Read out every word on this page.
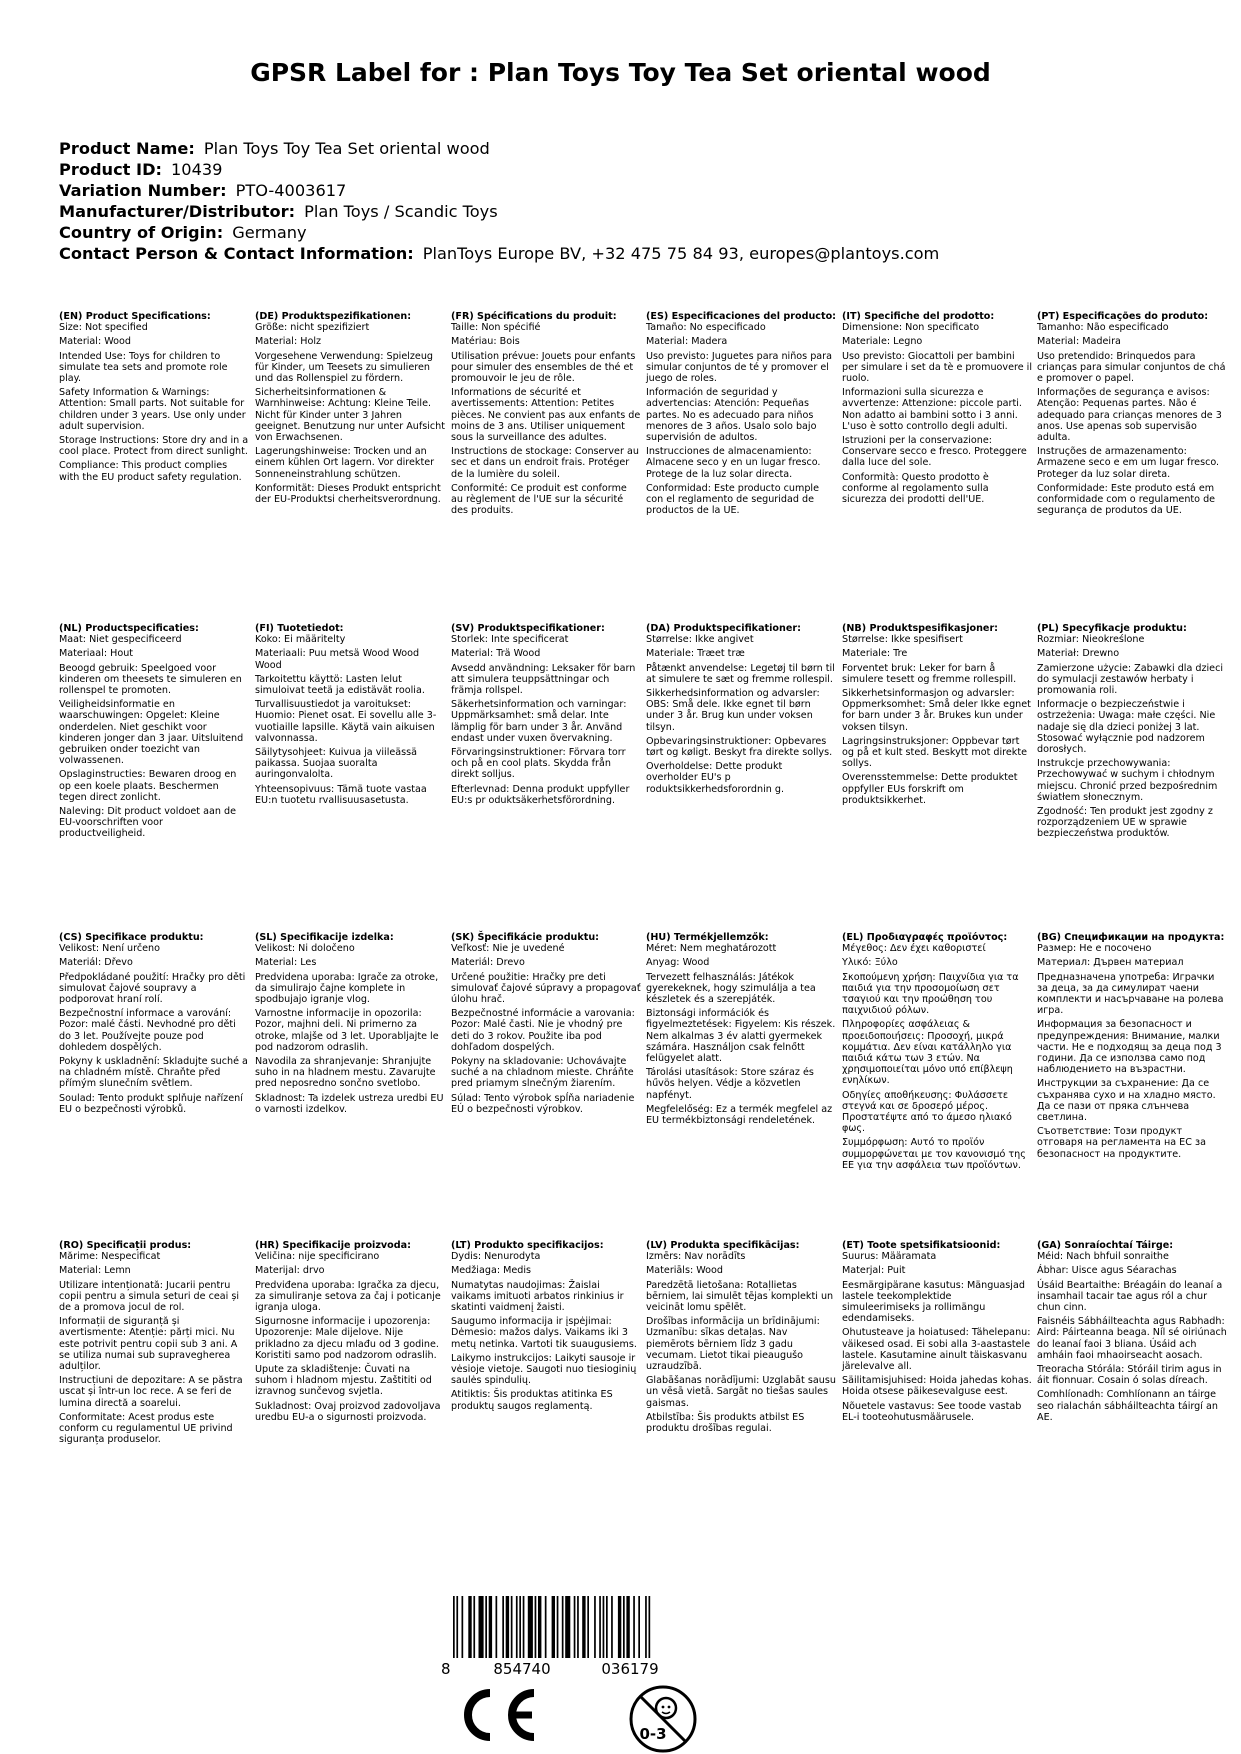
GPSR Label for : Plan Toys Toy Tea Set oriental wood
Product Name: Plan Toys Toy Tea Set oriental wood
Product ID: 10439
Variation Number: PTO-4003617
Manufacturer/Distributor: Plan Toys / Scandic Toys
Country of Origin: Germany
Contact Person & Contact Information: PlanToys Europe BV, +32 475 75 84 93, europes@plantoys.com
(EN) Product Specifications:

Size: Not specified

Material: Wood

Intended Use: Toys for children to simulate tea sets and promote role play.

Safety Information & Warnings: Attention: Small parts. Not suitable for children under 3 years. Use only under adult supervision.

Storage Instructions: Store dry and in a cool place. Protect from direct sunlight.

Compliance: This product complies with the EU product safety regulation.

(DE) Produktspezifikationen:

Größe: nicht spezifiziert

Material: Holz

Vorgesehene Verwendung: Spielzeug für Kinder, um Teesets zu simulieren und das Rollenspiel zu fördern.

Sicherheitsinformationen & Warnhinweise: Achtung: Kleine Teile. Nicht für Kinder unter 3 Jahren geeignet. Benutzung nur unter Aufsicht von Erwachsenen.

Lagerungshinweise: Trocken und an einem kühlen Ort lagern. Vor direkter Sonneneinstrahlung schützen.

Konformität: Dieses Produkt entspricht der EU-Produktsi cherheitsverordnung.

(FR) Spécifications du produit:

Taille: Non spécifié

Matériau: Bois

Utilisation prévue: Jouets pour enfants pour simuler des ensembles de thé et promouvoir le jeu de rôle.

Informations de sécurité et avertissements: Attention: Petites pièces. Ne convient pas aux enfants de moins de 3 ans. Utiliser uniquement sous la surveillance des adultes.

Instructions de stockage: Conserver au sec et dans un endroit frais. Protéger de la lumière du soleil.

Conformité: Ce produit est conforme au règlement de l'UE sur la sécurité des produits.

(ES) Especificaciones del producto:

Tamaño: No especificado

Material: Madera

Uso previsto: Juguetes para niños para simular conjuntos de té y promover el juego de roles.

Información de seguridad y advertencias: Atención: Pequeñas partes. No es adecuado para niños menores de 3 años. Usalo solo bajo supervisión de adultos.

Instrucciones de almacenamiento: Almacene seco y en un lugar fresco. Protege de la luz solar directa.

Conformidad: Este producto cumple con el reglamento de seguridad de productos de la UE.

(IT) Specifiche del prodotto:

Dimensione: Non specificato

Materiale: Legno

Uso previsto: Giocattoli per bambini per simulare i set da tè e promuovere il ruolo.

Informazioni sulla sicurezza e avvertenze: Attenzione: piccole parti. Non adatto ai bambini sotto i 3 anni. L'uso è sotto controllo degli adulti.

Istruzioni per la conservazione: Conservare secco e fresco. Proteggere dalla luce del sole.

Conformità: Questo prodotto è conforme al regolamento sulla sicurezza dei prodotti dell'UE.

(PT) Especificações do produto:

Tamanho: Não especificado

Material: Madeira

Uso pretendido: Brinquedos para crianças para simular conjuntos de chá e promover o papel.

Informações de segurança e avisos: Atenção: Pequenas partes. Não é adequado para crianças menores de 3 anos. Use apenas sob supervisão adulta.

Instruções de armazenamento: Armazene seco e em um lugar fresco. Proteger da luz solar direta.

Conformidade: Este produto está em conformidade com o regulamento de segurança de produtos da UE.

(NL) Productspecificaties:

Maat: Niet gespecificeerd

Materiaal: Hout

Beoogd gebruik: Speelgoed voor kinderen om theesets te simuleren en rollenspel te promoten.

Veiligheidsinformatie en waarschuwingen: Opgelet: Kleine onderdelen. Niet geschikt voor kinderen jonger dan 3 jaar. Uitsluitend gebruiken onder toezicht van volwassenen.

Opslaginstructies: Bewaren droog en op een koele plaats. Beschermen tegen direct zonlicht.

Naleving: Dit product voldoet aan de EU-voorschriften voor productveiligheid.

(FI) Tuotetiedot:

Koko: Ei määritelty

Materiaali: Puu metsä Wood Wood Wood

Tarkoitettu käyttö: Lasten lelut simuloivat teetä ja edistävät roolia.

Turvallisuustiedot ja varoitukset: Huomio: Pienet osat. Ei sovellu alle 3-vuotiaille lapsille. Käytä vain aikuisen valvonnassa.

Säilytysohjeet: Kuivua ja viileässä paikassa. Suojaa suoralta auringonvalolta.

Yhteensopivuus: Tämä tuote vastaa EU:n tuotetu rvallisuusasetusta.

(SV) Produktspecifikationer:

Storlek: Inte specificerat

Material: Trä Wood

Avsedd användning: Leksaker för barn att simulera teuppsättningar och främja rollspel.

Säkerhetsinformation och varningar: Uppmärksamhet: små delar. Inte lämplig för barn under 3 år. Använd endast under vuxen övervakning.

Förvaringsinstruktioner: Förvara torr och på en cool plats. Skydda från direkt solljus.

Efterlevnad: Denna produkt uppfyller EU:s pr oduktsäkerhetsförordning.

(DA) Produktspecifikationer:

Størrelse: Ikke angivet

Materiale: Træet træ

Påtænkt anvendelse: Legetøj til børn til at simulere te sæt og fremme rollespil.

Sikkerhedsinformation og advarsler: OBS: Små dele. Ikke egnet til børn under 3 år. Brug kun under voksen tilsyn.

Opbevaringsinstruktioner: Opbevares tørt og køligt. Beskyt fra direkte sollys.

Overholdelse: Dette produkt overholder EU's p roduktsikkerhedsforordnin g.

(NB) Produktspesifikasjoner:

Størrelse: Ikke spesifisert

Materiale: Tre

Forventet bruk: Leker for barn å simulere tesett og fremme rollespill.

Sikkerhetsinformasjon og advarsler: Oppmerksomhet: Små deler Ikke egnet for barn under 3 år. Brukes kun under voksen tilsyn.

Lagringsinstruksjoner: Oppbevar tørt og på et kult sted. Beskytt mot direkte sollys.

Overensstemmelse: Dette produktet oppfyller EUs forskrift om produktsikkerhet.

(PL) Specyfikacje produktu:

Rozmiar: Nieokreślone

Materiał: Drewno

Zamierzone użycie: Zabawki dla dzieci do symulacji zestawów herbaty i promowania roli.

Informacje o bezpieczeństwie i ostrzeżenia: Uwaga: małe części. Nie nadaje się dla dzieci poniżej 3 lat. Stosować wyłącznie pod nadzorem dorosłych.

Instrukcje przechowywania: Przechowywać w suchym i chłodnym miejscu. Chronić przed bezpośrednim światłem słonecznym.

Zgodność: Ten produkt jest zgodny z rozporządzeniem UE w sprawie bezpieczeństwa produktów.

(CS) Specifikace produktu:

Velikost: Není určeno

Materiál: Dřevo

Předpokládané použití: Hračky pro děti simulovat čajové soupravy a podporovat hraní rolí.

Bezpečnostní informace a varování: Pozor: malé části. Nevhodné pro děti do 3 let. Používejte pouze pod dohledem dospělých.

Pokyny k uskladnění: Skladujte suché a na chladném místě. Chraňte před přímým slunečním světlem.

Soulad: Tento produkt splňuje nařízení EU o bezpečnosti výrobků.

(SL) Specifikacije izdelka:

Velikost: Ni določeno

Material: Les

Predvidena uporaba: Igrače za otroke, da simulirajo čajne komplete in spodbujajo igranje vlog.

Varnostne informacije in opozorila: Pozor, majhni deli. Ni primerno za otroke, mlajše od 3 let. Uporabljajte le pod nadzorom odraslih.

Navodila za shranjevanje: Shranjujte suho in na hladnem mestu. Zavarujte pred neposredno sončno svetlobo.

Skladnost: Ta izdelek ustreza uredbi EU o varnosti izdelkov.

(SK) Špecifikácie produktu:

Veľkosť: Nie je uvedené

Materiál: Drevo

Určené použitie: Hračky pre deti simulovať čajové súpravy a propagovať úlohu hrač.

Bezpečnostné informácie a varovania: Pozor: Malé časti. Nie je vhodný pre deti do 3 rokov. Použite iba pod dohľadom dospelých.

Pokyny na skladovanie: Uchovávajte suché a na chladnom mieste. Chráňte pred priamym slnečným žiarením.

Súlad: Tento výrobok spĺňa nariadenie EÚ o bezpečnosti výrobkov.

(HU) Termékjellemzők:

Méret: Nem meghatározott

Anyag: Wood

Tervezett felhasználás: Játékok gyerekeknek, hogy szimulálja a tea készletek és a szerepjáték.

Biztonsági információk és figyelmeztetések: Figyelem: Kis részek. Nem alkalmas 3 év alatti gyermekek számára. Használjon csak felnőtt felügyelet alatt.

Tárolási utasítások: Store száraz és hűvös helyen. Védje a közvetlen napfényt.

Megfelelőség: Ez a termék megfelel az EU termékbiztonsági rendeletének.

(EL) Προδιαγραφές προϊόντος:

Μέγεθος: Δεν έχει καθοριστεί

Υλικό: Ξύλο

Σκοπούμενη χρήση: Παιχνίδια για τα παιδιά για την προσομοίωση σετ τσαγιού και την προώθηση του παιχνιδιού ρόλων.

Πληροφορίες ασφάλειας & προειδοποιήσεις: Προσοχή, μικρά κομμάτια. Δεν είναι κατάλληλο για παιδιά κάτω των 3 ετών. Να χρησιμοποιείται μόνο υπό επίβλεψη ενηλίκων.

Οδηγίες αποθήκευσης: Φυλάσσετε στεγνά και σε δροσερό μέρος. Προστατέψτε από το άμεσο ηλιακό φως.

Συμμόρφωση: Αυτό το προϊόν συμμορφώνεται με τον κανονισμό της ΕΕ για την ασφάλεια των προϊόντων.

(BG) Спецификации на продукта:

Размер: Не е посочено

Материал: Дървен материал

Предназначена употреба: Играчки за деца, за да симулират чаени комплекти и насърчаване на ролева игра.

Информация за безопасност и предупреждения: Внимание, малки части. Не е подходящ за деца под 3 години. Да се използва само под наблюдението на възрастни.

Инструкции за съхранение: Да се съхранява сухо и на хладно място. Да се пази от пряка слънчева светлина.

Съответствие: Този продукт отговаря на регламента на ЕС за безопасност на продуктите.

(RO) Specificații produs:

Mărime: Nespecificat

Material: Lemn

Utilizare intenționată: Jucarii pentru copii pentru a simula seturi de ceai și de a promova jocul de rol.

Informații de siguranță și avertismente: Atenție: părți mici. Nu este potrivit pentru copii sub 3 ani. A se utiliza numai sub supravegherea adulților.

Instrucțiuni de depozitare: A se păstra uscat și într-un loc rece. A se feri de lumina directă a soarelui.

Conformitate: Acest produs este conform cu regulamentul UE privind siguranța produselor.

(HR) Specifikacije proizvoda:

Veličina: nije specificirano

Materijal: drvo

Predviđena uporaba: Igračka za djecu, za simuliranje setova za čaj i poticanje igranja uloga.

Sigurnosne informacije i upozorenja: Upozorenje: Male dijelove. Nije prikladno za djecu mlađu od 3 godine. Koristiti samo pod nadzorom odraslih.

Upute za skladištenje: Čuvati na suhom i hladnom mjestu. Zaštititi od izravnog sunčevog svjetla.

Sukladnost: Ovaj proizvod zadovoljava uredbu EU-a o sigurnosti proizvoda.

(LT) Produkto specifikacijos:

Dydis: Nenurodyta

Medžiaga: Medis

Numatytas naudojimas: Žaislai vaikams imituoti arbatos rinkinius ir skatinti vaidmenį žaisti.

Saugumo informacija ir įspėjimai: Dėmesio: mažos dalys. Vaikams iki 3 metų netinka. Vartoti tik suaugusiems.

Laikymo instrukcijos: Laikyti sausoje ir vėsioje vietoje. Saugoti nuo tiesioginių saulės spindulių.

Atitiktis: Šis produktas atitinka ES produktų saugos reglamentą.

(LV) Produkta specifikācijas:

Izmērs: Nav norādīts

Materiāls: Wood

Paredzētā lietošana: Rotaļlietas bērniem, lai simulēt tējas komplekti un veicināt lomu spēlēt.

Drošības informācija un brīdinājumi: Uzmanību: sīkas detaļas. Nav piemērots bērniem līdz 3 gadu vecumam. Lietot tikai pieaugušo uzraudzībā.

Glabāšanas norādījumi: Uzglabāt sausu un vēsā vietā. Sargāt no tiešas saules gaismas.

Atbilstība: Šis produkts atbilst ES produktu drošības regulai.

(ET) Toote spetsifikatsioonid:

Suurus: Määramata

Materjal: Puit

Eesmärgipärane kasutus: Mänguasjad lastele teekomplektide simuleerimiseks ja rollimängu edendamiseks.

Ohutusteave ja hoiatused: Tähelepanu: väikesed osad. Ei sobi alla 3-aastastele lastele. Kasutamine ainult täiskasvanu järelevalve all.

Säilitamisjuhised: Hoida jahedas kohas. Hoida otsese päikesevalguse eest.

Nõuetele vastavus: See toode vastab EL-i tooteohutusmäärusele.

(GA) Sonraíochtaí Táirge:

Méid: Nach bhfuil sonraithe

Ábhar: Uisce agus Séarachas

Úsáid Beartaithe: Bréagáin do leanaí a insamhail tacair tae agus ról a chur chun cinn.

Faisnéis Sábháilteachta agus Rabhadh: Aird: Páirteanna beaga. Níl sé oiriúnach do leanaí faoi 3 bliana. Úsáid ach amháin faoi mhaoirseacht aosach.

Treoracha Stórála: Stóráil tirim agus in áit fionnuar. Cosain ó solas díreach.

Comhlíonadh: Comhlíonann an táirge seo rialachán sábháilteachta táirgí an AE.

8	854740	036179
0-3
